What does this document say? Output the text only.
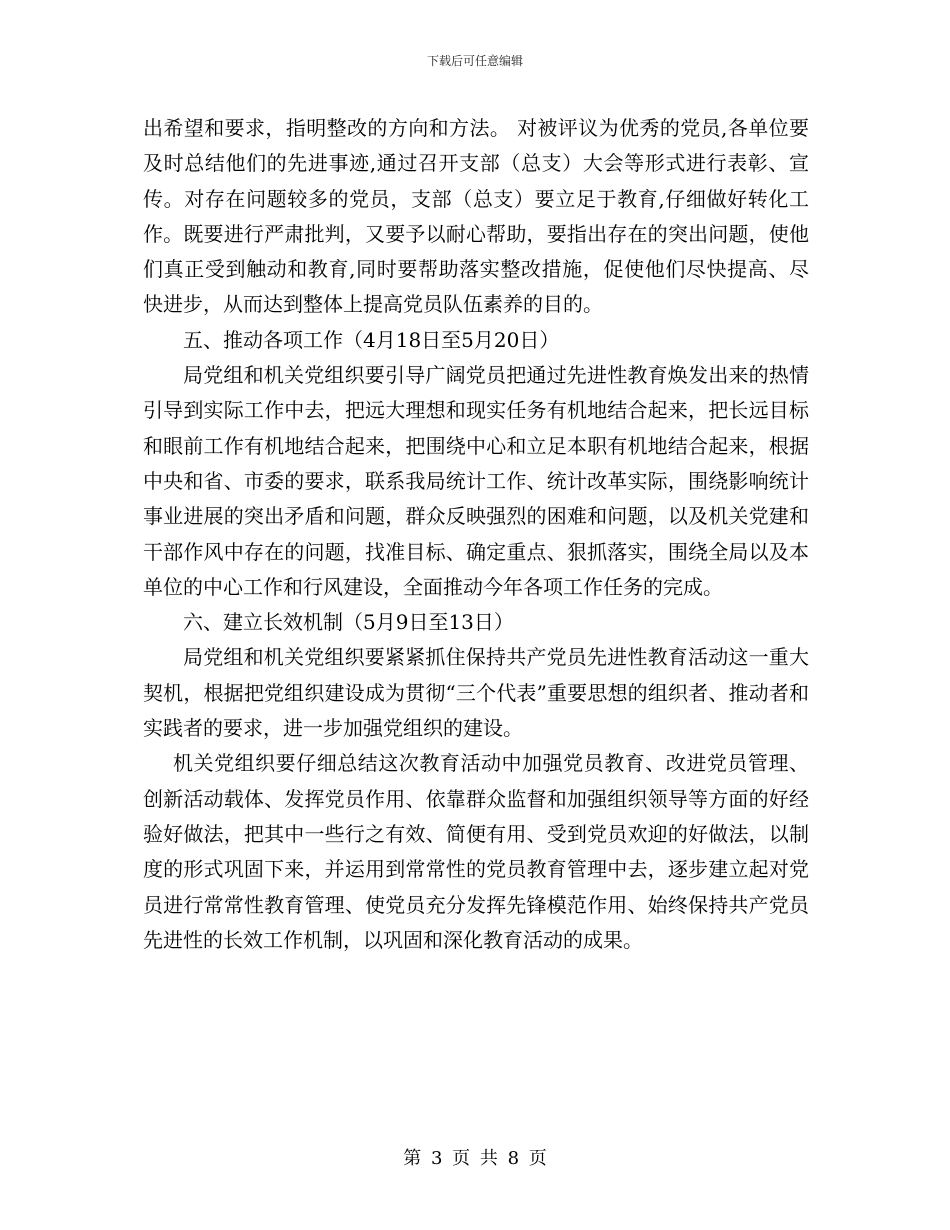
下载后可任意编辑

出希望和要求，指明整改的方向和方法。 对被评议为优秀的党员,各单位要及时总结他们的先进事迹,通过召开支部（总支）大会等形式进行表彰、宣传。对存在问题较多的党员，支部（总支）要立足于教育,仔细做好转化工作。既要进行严肃批判，又要予以耐心帮助，要指出存在的突出问题，使他们真正受到触动和教育,同时要帮助落实整改措施，促使他们尽快提高、尽快进步，从而达到整体上提高党员队伍素养的目的。

五、推动各项工作（4月18日至5月20日）

局党组和机关党组织要引导广阔党员把通过先进性教育焕发出来的热情引导到实际工作中去，把远大理想和现实任务有机地结合起来，把长远目标和眼前工作有机地结合起来，把围绕中心和立足本职有机地结合起来，根据中央和省、市委的要求，联系我局统计工作、统计改革实际，围绕影响统计事业进展的突出矛盾和问题，群众反映强烈的困难和问题，以及机关党建和干部作风中存在的问题，找准目标、确定重点、狠抓落实，围绕全局以及本单位的中心工作和行风建设，全面推动今年各项工作任务的完成。

六、建立长效机制（5月9日至13日）

局党组和机关党组织要紧紧抓住保持共产党员先进性教育活动这一重大契机，根据把党组织建设成为贯彻“三个代表”重要思想的组织者、推动者和实践者的要求，进一步加强党组织的建设。

机关党组织要仔细总结这次教育活动中加强党员教育、改进党员管理、创新活动载体、发挥党员作用、依靠群众监督和加强组织领导等方面的好经验好做法，把其中一些行之有效、简便有用、受到党员欢迎的好做法，以制度的形式巩固下来，并运用到常常性的党员教育管理中去，逐步建立起对党员进行常常性教育管理、使党员充分发挥先锋模范作用、始终保持共产党员先进性的长效工作机制，以巩固和深化教育活动的成果。

第 3 页 共 8 页
